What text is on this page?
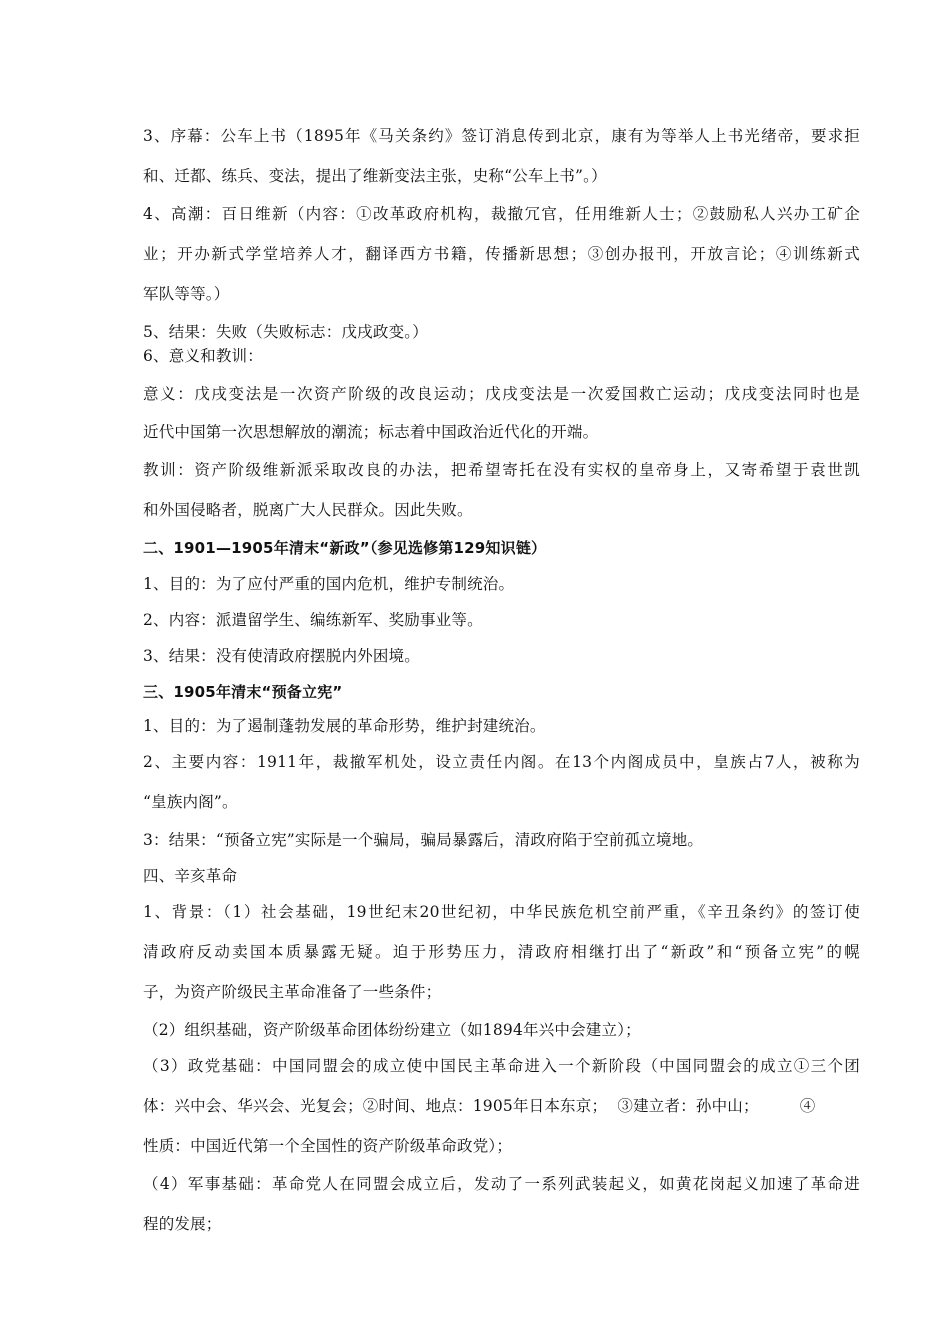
3、序幕：公车上书（1895年《马关条约》签订消息传到北京，康有为等举人上书光绪帝，要求拒
和、迁都、练兵、变法，提出了维新变法主张，史称“公车上书”。）
4、高潮：百日维新（内容：①改革政府机构，裁撤冗官，任用维新人士；②鼓励私人兴办工矿企
业；开办新式学堂培养人才，翻译西方书籍，传播新思想；③创办报刊，开放言论；④训练新式
军队等等。）
5、结果：失败（失败标志：戊戌政变。）
6、意义和教训：
意义：戊戌变法是一次资产阶级的改良运动；戊戌变法是一次爱国救亡运动；戊戌变法同时也是
近代中国第一次思想解放的潮流；标志着中国政治近代化的开端。
教训：资产阶级维新派采取改良的办法，把希望寄托在没有实权的皇帝身上，又寄希望于袁世凯
和外国侵略者，脱离广大人民群众。因此失败。
二、1901—1905年清末“新政”（参见选修第129知识链）
1、目的：为了应付严重的国内危机，维护专制统治。
2、内容：派遣留学生、编练新军、奖励事业等。
3、结果：没有使清政府摆脱内外困境。
三、1905年清末“预备立宪”
1、目的：为了遏制蓬勃发展的革命形势，维护封建统治。
2、主要内容：1911年，裁撤军机处，设立责任内阁。在13个内阁成员中，皇族占7人，被称为
“皇族内阁”。
3：结果：“预备立宪”实际是一个骗局，骗局暴露后，清政府陷于空前孤立境地。
四、辛亥革命
1、背景：（1）社会基础，19世纪末20世纪初，中华民族危机空前严重，《辛丑条约》的签订使
清政府反动卖国本质暴露无疑。迫于形势压力，清政府相继打出了“新政”和“预备立宪”的幌
子，为资产阶级民主革命准备了一些条件；
（2）组织基础，资产阶级革命团体纷纷建立（如1894年兴中会建立）；
（3）政党基础：中国同盟会的成立使中国民主革命进入一个新阶段（中国同盟会的成立①三个团
体：兴中会、华兴会、光复会；②时间、地点：1905年日本东京；  ③建立者：孙中山；        ④
性质：中国近代第一个全国性的资产阶级革命政党）；
（4）军事基础：革命党人在同盟会成立后，发动了一系列武装起义，如黄花岗起义加速了革命进
程的发展；
